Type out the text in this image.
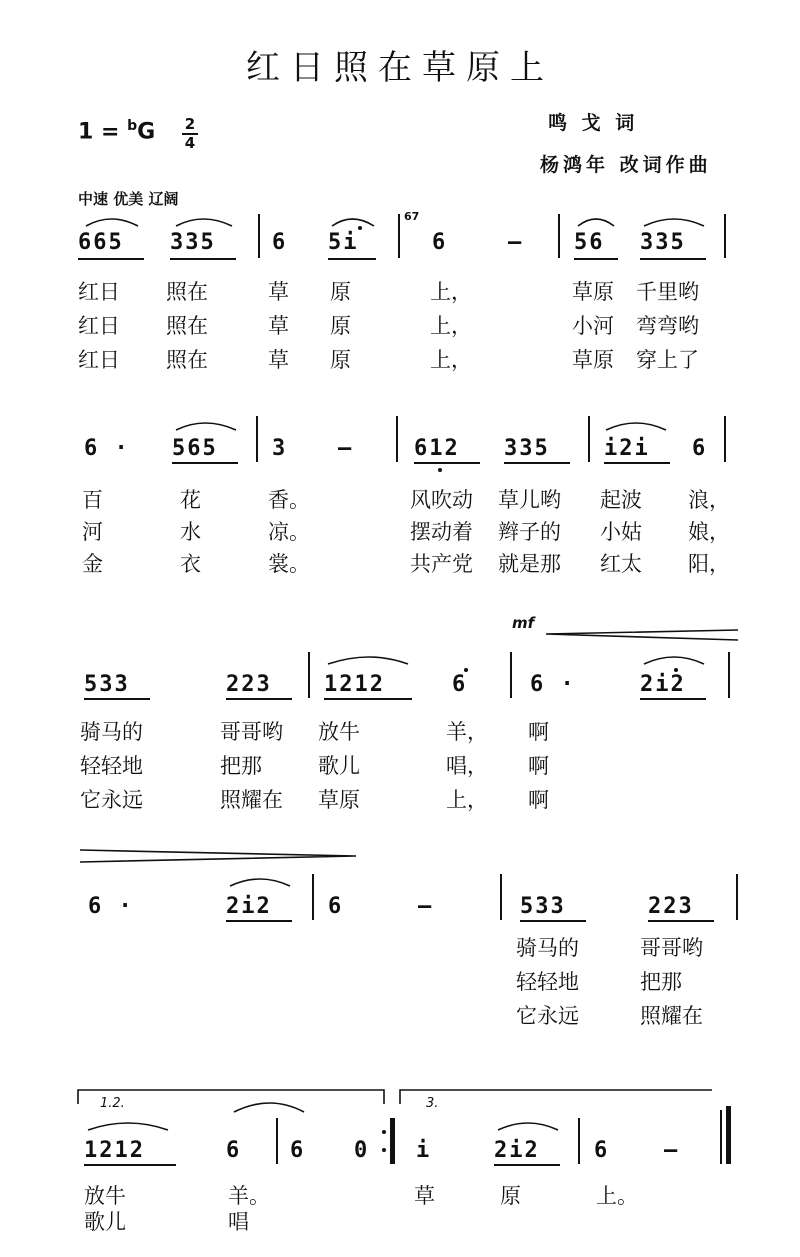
红日照在草原上
鸣 戈 词
杨鸿年 改词作曲
$1 = ^bG \frac{2}{4}$
中速 优美 辽阔
67
665 335	6 5i	6	– 56 335
红日 照在	草 原	上，	草原 千里哟
红日 照在	草 原	上，	小河 弯弯哟
红日 照在	草 原	上，	草原 穿上了
6 · 565 3 –	612 335 i2i 6
百	花	香。	风吹动 草儿哟 起波 浪，
河	水	凉。	摆动着 辫子的 小姑 娘，
金	衣	裳。	共产党 就是那 红太 阳，
mf
533	223 1212	6	6 ·	2i2
骑马的	哥哥哟 放牛	羊， 啊
轻轻地	把那	歌儿	唱， 啊
它永远	照耀在 草原	上， 啊
6 ·	2i2	6	–	533	223
骑马的	哥哥哟
轻轻地	把那
它永远	照耀在
1.2.	3.
1212	6 6 0 i	2i2 6 –
放牛	羊。	草	原	上。
歌儿	唱
